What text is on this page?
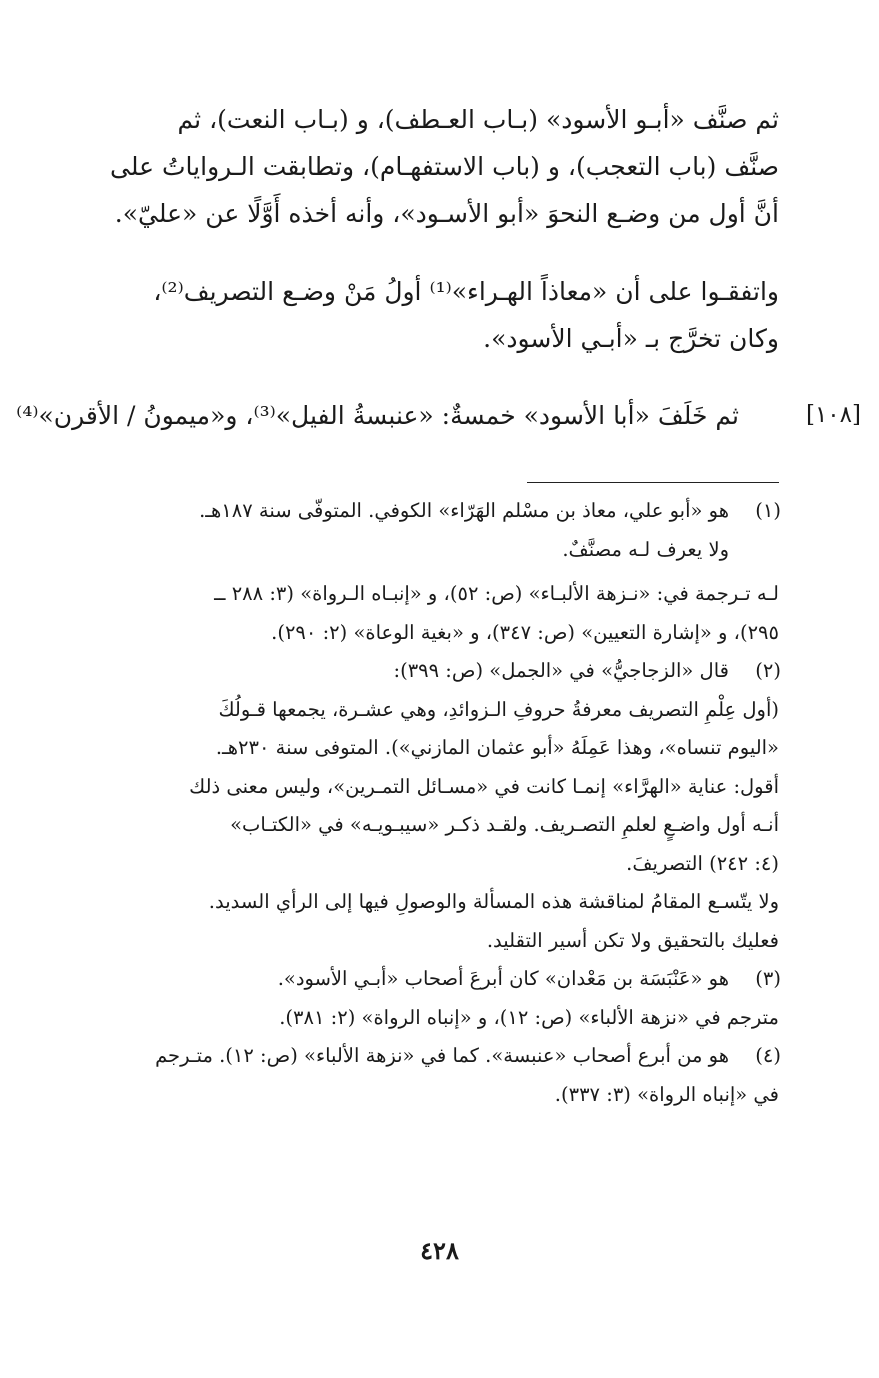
ثم صنَّف «أبـو الأسود» (بـاب العـطف)، و (بـاب النعت)، ثم
صنَّف (باب التعجب)، و (باب الاستفهـام)، وتطابقت الـرواياتُ على
أنَّ أول من وضـع النحوَ «أبو الأسـود»، وأنه أخذه أَوَّلًا عن «عليّ».
واتفقـوا على أن «معاذاً الهـراء»⁽¹⁾ أولُ مَنْ وضـع التصريف⁽²⁾،
وكان تخرَّج بـ «أبـي الأسود».
[١٠٨]
ثم خَلَفَ «أبا الأسود» خمسةٌ: «عنبسةُ الفيل»⁽³⁾، و«ميمونُ / الأقرن»⁽⁴⁾
(١)
هو «أبو علي، معاذ بن مسْلم الهَرّاء» الكوفي. المتوفّى سنة ١٨٧هـ.
ولا يعرف لـه مصنَّفٌ.
لـه تـرجمة في: «نـزهة الألبـاء» (ص: ٥٢)، و «إنبـاه الـرواة» (٣: ٢٨٨ ــ
٢٩٥)، و «إشارة التعيين» (ص: ٣٤٧)، و «بغية الوعاة» (٢: ٢٩٠).
(٢)
قال «الزجاجيُّ» في «الجمل» (ص: ٣٩٩):
(أول عِلْمِ التصريف معرفةُ حروفِ الـزوائدِ، وهي عشـرة، يجمعها قـولُكَ
«اليوم تنساه»، وهذا عَمِلَهُ «أبو عثمان المازني»). المتوفى سنة ٢٣٠هـ.
أقول: عناية «الهرَّاء» إنمـا كانت في «مسـائل التمـرين»، وليس معنى ذلك
أنـه أول واضـعٍ لعلمِ التصـريف. ولقـد ذكـر «سيبـويـه» في «الكتـاب»
(٤: ٢٤٢) التصريفَ.
ولا يتّسـع المقامُ لمناقشة هذه المسألة والوصولِ فيها إلى الرأي السديد.
فعليك بالتحقيق ولا تكن أسير التقليد.
(٣)
هو «عَنْبَسَة بن مَعْدان» كان أبرعَ أصحاب «أبـي الأسود».
مترجم في «نزهة الألباء» (ص: ١٢)، و «إنباه الرواة» (٢: ٣٨١).
(٤)
هو من أبرع أصحاب «عنبسة». كما في «نزهة الألباء» (ص: ١٢). متـرجم
في «إنباه الرواة» (٣: ٣٣٧).
٤٢٨
